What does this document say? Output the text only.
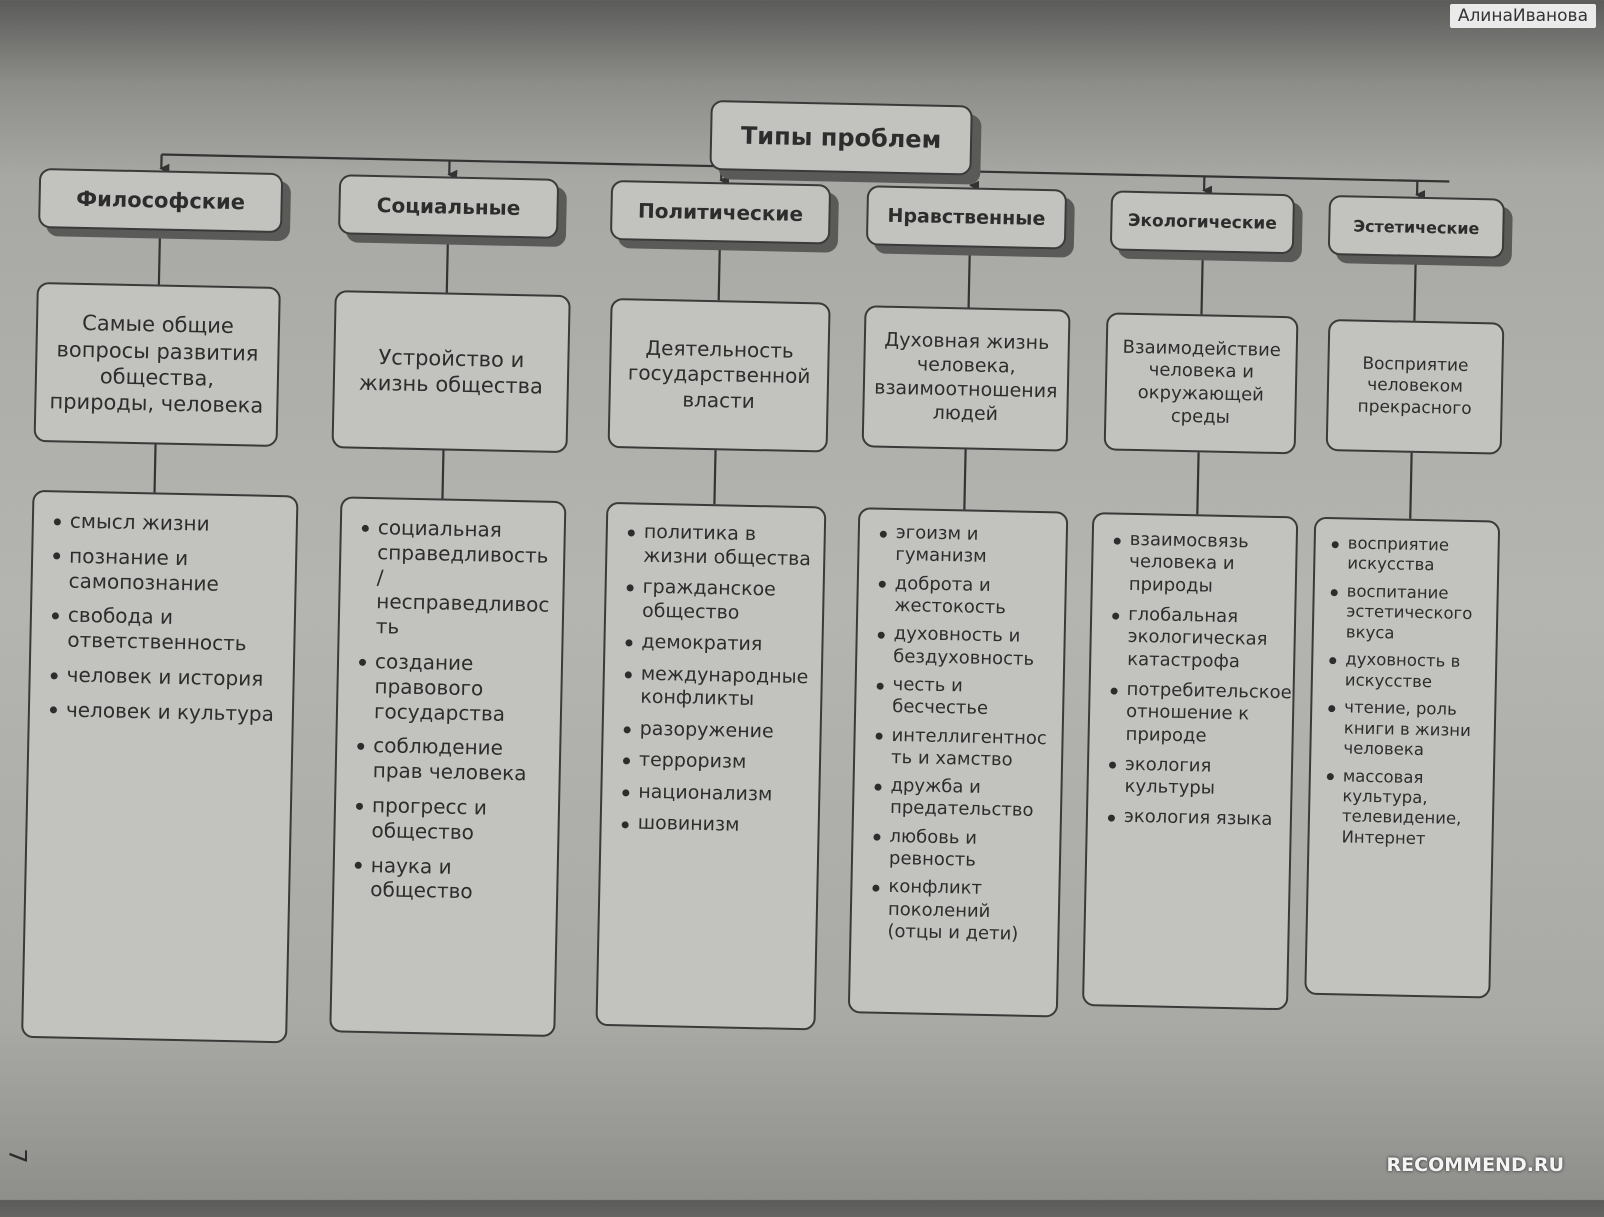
Типы проблем
Философские
Самые общие вопросы развития общества, природы, человека
смысл жизни
познание и самопознание
свобода и ответственность
человек и история
человек и культура
Социальные
Устройство и жизнь общества
социальная справедливость/несправедливость
создание правового государства
соблюдение прав человека
прогресс и общество
наука и общество
Политические
Деятельность государственной власти
политика в жизни общества
гражданское общество
демократия
международные конфликты
разоружение
терроризм
национализм
шовинизм
Нравственные
Духовная жизнь человека, взаимоотношения людей
эгоизм и гуманизм
доброта и жестокость
духовность и бездуховность
честь и бесчестье
интеллигентность и хамство
дружба и предательство
любовь и ревность
конфликт поколений (отцы и дети)
Экологические
Взаимодействие человека и окружающей среды
взаимосвязь человека и природы
глобальная экологическая катастрофа
потребительское отношение к природе
экология культуры
экология языка
Эстетические
Восприятие человеком прекрасного
восприятие искусства
воспитание эстетического вкуса
духовность в искусстве
чтение, роль книги в жизни человека
массовая культура, телевидение, Интернет
7
АлинаИванова
RECOMMEND.RU
